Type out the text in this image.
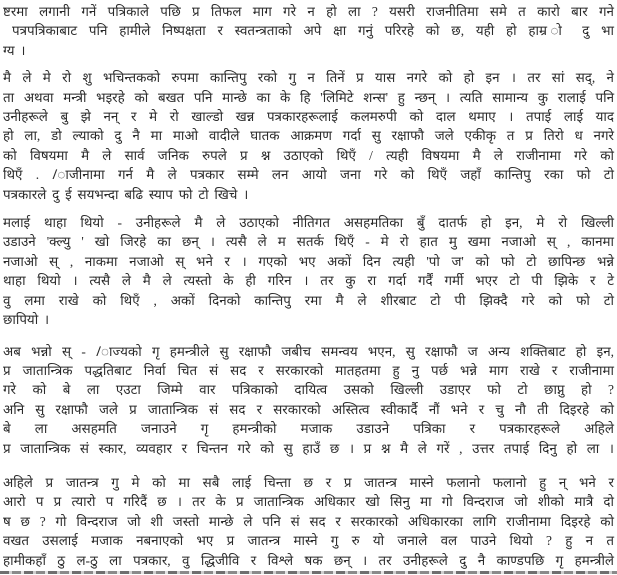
ष्टरमा लगानी गनें पत्रिकाले पछि प्र तिफल माग गरे न हो ला ? यसरी राजनीतिमा समे त कारो बार गने
पत्रपत्रिकाबाट पनि हामीले निष्पक्षता र स्वतन्त्रताको अपे क्षा गनुं परिरहे को छ, यही हो हाम्र ो दु भा
ग्य ।

मै ले मे रो शु भचिन्तकको रुपमा कान्तिपु रको गु न तिनें प्र यास नगरे को हो इन । तर सां सद्, ने
ता अथवा मन्त्री भइरहे को बखत पनि मान्छे का के हि 'लिमिटे शन्स' हु न्छन् । त्यति सामान्य कु रालाई पनि
उनीहरूले बु झे नन् र मे रो खाल्डो खन्न पत्रकारहरूलाई कलमरुपी को दाल थमाए । तपाई लाई याद
हो ला, डो ल्याको दु नै मा माओ वादीले घातक आक्रमण गर्दा सु रक्षाफौ जले एकीकृ त प्र तिरो ध नगरे
को विषयमा मै ले सार्व जनिक रुपले प्र श्न उठाएको थिएँ / त्यही विषयमा मै ले राजीनामा गरे को
थिएँ . /ाजीनामा गर्न मै ले पत्रकार सम्मे लन आयो जना गरे को थिएँ जहाँ कान्तिपु रका फो टो
पत्रकारले दु ई सयभन्दा बढि स्याप फो टो खिचे ।

मलाई थाहा थियो - उनीहरूले मै ले उठाएको नीतिगत असहमतिका बुँ दातर्फ हो इन, मे रो खिल्ली
उडाउने 'क्ल्यु ' खो जिरहे का छन् । त्यसै ले म सतर्क थिएँ - मे रो हात मु खमा नजाओ स् , कानमा
नजाओ स् , नाकमा नजाओ स् भने र । गएको भए अकों दिन त्यही 'पो ज' को फो टो छापिन्छ भन्ने
थाहा थियो । त्यसै ले मै ले त्यस्तो के ही गरिन । तर कु रा गर्दा गर्दैं गर्मी भएर टो पी झिके र टे
वु लमा राखे को थिएँ , अकों दिनको कान्तिपु रमा मै ले शीरबाट टो पी झिक्दै गरे को फो टो
छापियो ।

अब भन्नो स् - /ाज्यको गृ हमन्त्रीले सु रक्षाफौ जबीच समन्वय भएन, सु रक्षाफौ ज अन्य शक्तिबाट हो इन,
प्र जातान्त्रिक पद्धतिबाट निर्वा चित सं सद र सरकारको मातहतमा हु नु पर्छ भन्ने माग राखे र राजीनामा
गरे को बे ला एउटा जिम्मे वार पत्रिकाको दायित्व उसको खिल्ली उडाएर फो टो छाप्नु हो ?
अनि सु रक्षाफौ जले प्र जातान्त्रिक सं सद र सरकारको अस्तित्व स्वीकार्दै नौं भने र चु नौ ती दिइरहे को
बे ला असहमति जनाउने गृ हमन्त्रीको मजाक उडाउने पत्रिका र पत्रकारहरूले अहिले
प्र जातान्त्रिक सं स्कार, व्यवहार र चिन्तन गरे को सु हाउँ छ । प्र श्न मै ले गरें , उत्तर तपाई दिनु हो ला ।

अहिले प्र जातन्त्र गु मे को मा सबै लाई चिन्ता छ र प्र जातन्त्र मास्ने फलानो फलानो हु न् भने र
आरो प प्र त्यारो प गरिदैं छ । तर के प्र जातान्त्रिक अधिकार खो सिनु मा गो विन्दराज जो शीको मात्रै दो
ष छ ? गो विन्दराज जो शी जस्तो मान्छे ले पनि सं सद र सरकारको अधिकारका लागि राजीनामा दिइरहे को
वखत उसलाई मजाक नबनाएको भए प्र जातन्त्र मास्ने गु रु यो जनाले वल पाउने थियो ? हु न त
हामीकहाँ ठु ल-ठु ला पत्रकार, वु द्धिजीवि र विश्ले षक छन् । तर उनीहरूले दु नै काण्डपछि गृ हमन्त्रीले
